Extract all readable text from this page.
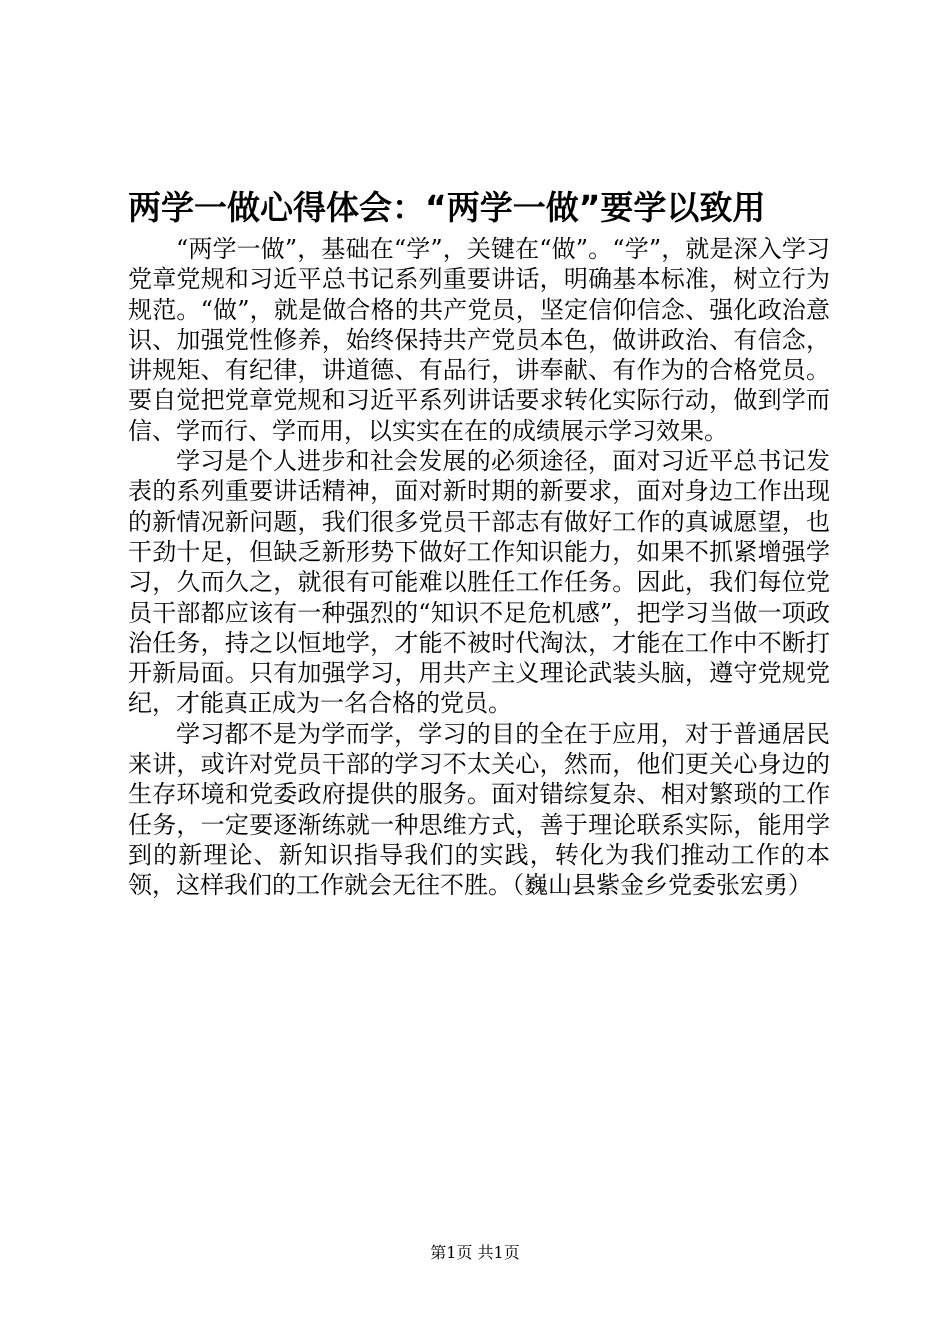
两学一做心得体会：“两学一做”要学以致用

“两学一做”，基础在“学”，关键在“做”。“学”，就是深入学习党章党规和习近平总书记系列重要讲话，明确基本标准，树立行为规范。“做”，就是做合格的共产党员，坚定信仰信念、强化政治意识、加强党性修养，始终保持共产党员本色，做讲政治、有信念，讲规矩、有纪律，讲道德、有品行，讲奉献、有作为的合格党员。要自觉把党章党规和习近平系列讲话要求转化实际行动，做到学而信、学而行、学而用，以实实在在的成绩展示学习效果。

学习是个人进步和社会发展的必须途径，面对习近平总书记发表的系列重要讲话精神，面对新时期的新要求，面对身边工作出现的新情况新问题，我们很多党员干部志有做好工作的真诚愿望，也干劲十足，但缺乏新形势下做好工作知识能力，如果不抓紧增强学习，久而久之，就很有可能难以胜任工作任务。因此，我们每位党员干部都应该有一种强烈的“知识不足危机感”，把学习当做一项政治任务，持之以恒地学，才能不被时代淘汰，才能在工作中不断打开新局面。只有加强学习，用共产主义理论武装头脑，遵守党规党纪，才能真正成为一名合格的党员。

学习都不是为学而学，学习的目的全在于应用，对于普通居民来讲，或许对党员干部的学习不太关心，然而，他们更关心身边的生存环境和党委政府提供的服务。面对错综复杂、相对繁琐的工作任务，一定要逐渐练就一种思维方式，善于理论联系实际，能用学到的新理论、新知识指导我们的实践，转化为我们推动工作的本领，这样我们的工作就会无往不胜。（巍山县紫金乡党委张宏勇）

第1页 共1页
